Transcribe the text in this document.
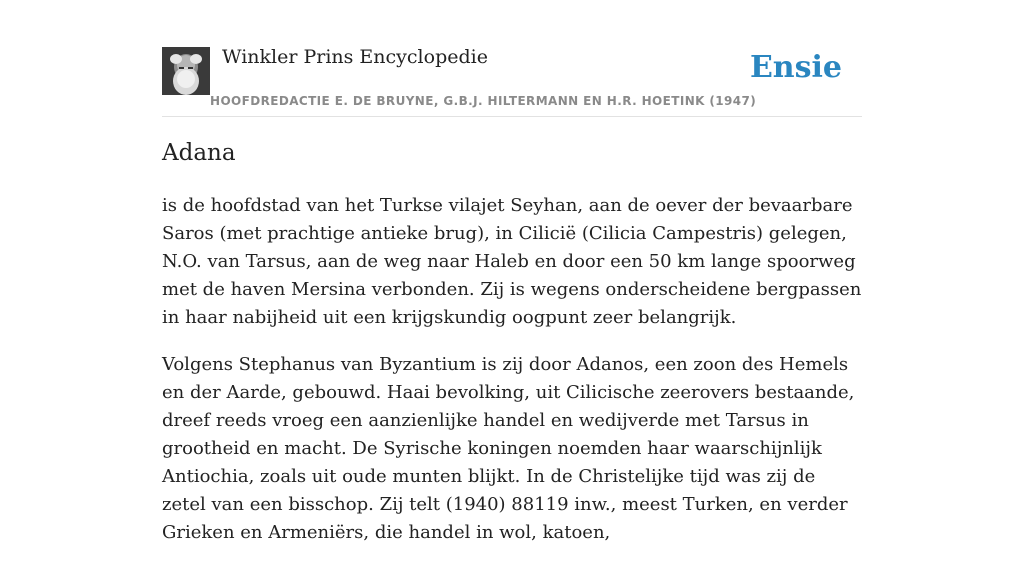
Winkler Prins Encyclopedie
HOOFDREDACTIE E. DE BRUYNE, G.B.J. HILTERMANN EN H.R. HOETINK (1947)
Ensie
Adana

is de hoofdstad van het Turkse vilajet Seyhan, aan de oever der bevaarbare Saros (met prachtige antieke brug), in Cilicië (Cilicia Campestris) gelegen, N.O. van Tarsus, aan de weg naar Haleb en door een 50 km lange spoorweg met de haven Mersina verbonden. Zij is wegens onderscheidene bergpassen in haar nabijheid uit een krijgskundig oogpunt zeer belangrijk.

Volgens Stephanus van Byzantium is zij door Adanos, een zoon des Hemels en der Aarde, gebouwd. Haai bevolking, uit Cilicische zeerovers bestaande, dreef reeds vroeg een aanzienlijke handel en wedijverde met Tarsus in grootheid en macht. De Syrische koningen noemden haar waarschijnlijk Antiochia, zoals uit oude munten blijkt. In de Christelijke tijd was zij de zetel van een bisschop. Zij telt (1940) 88119 inw., meest Turken, en verder Grieken en Armeniërs, die handel in wol, katoen,
